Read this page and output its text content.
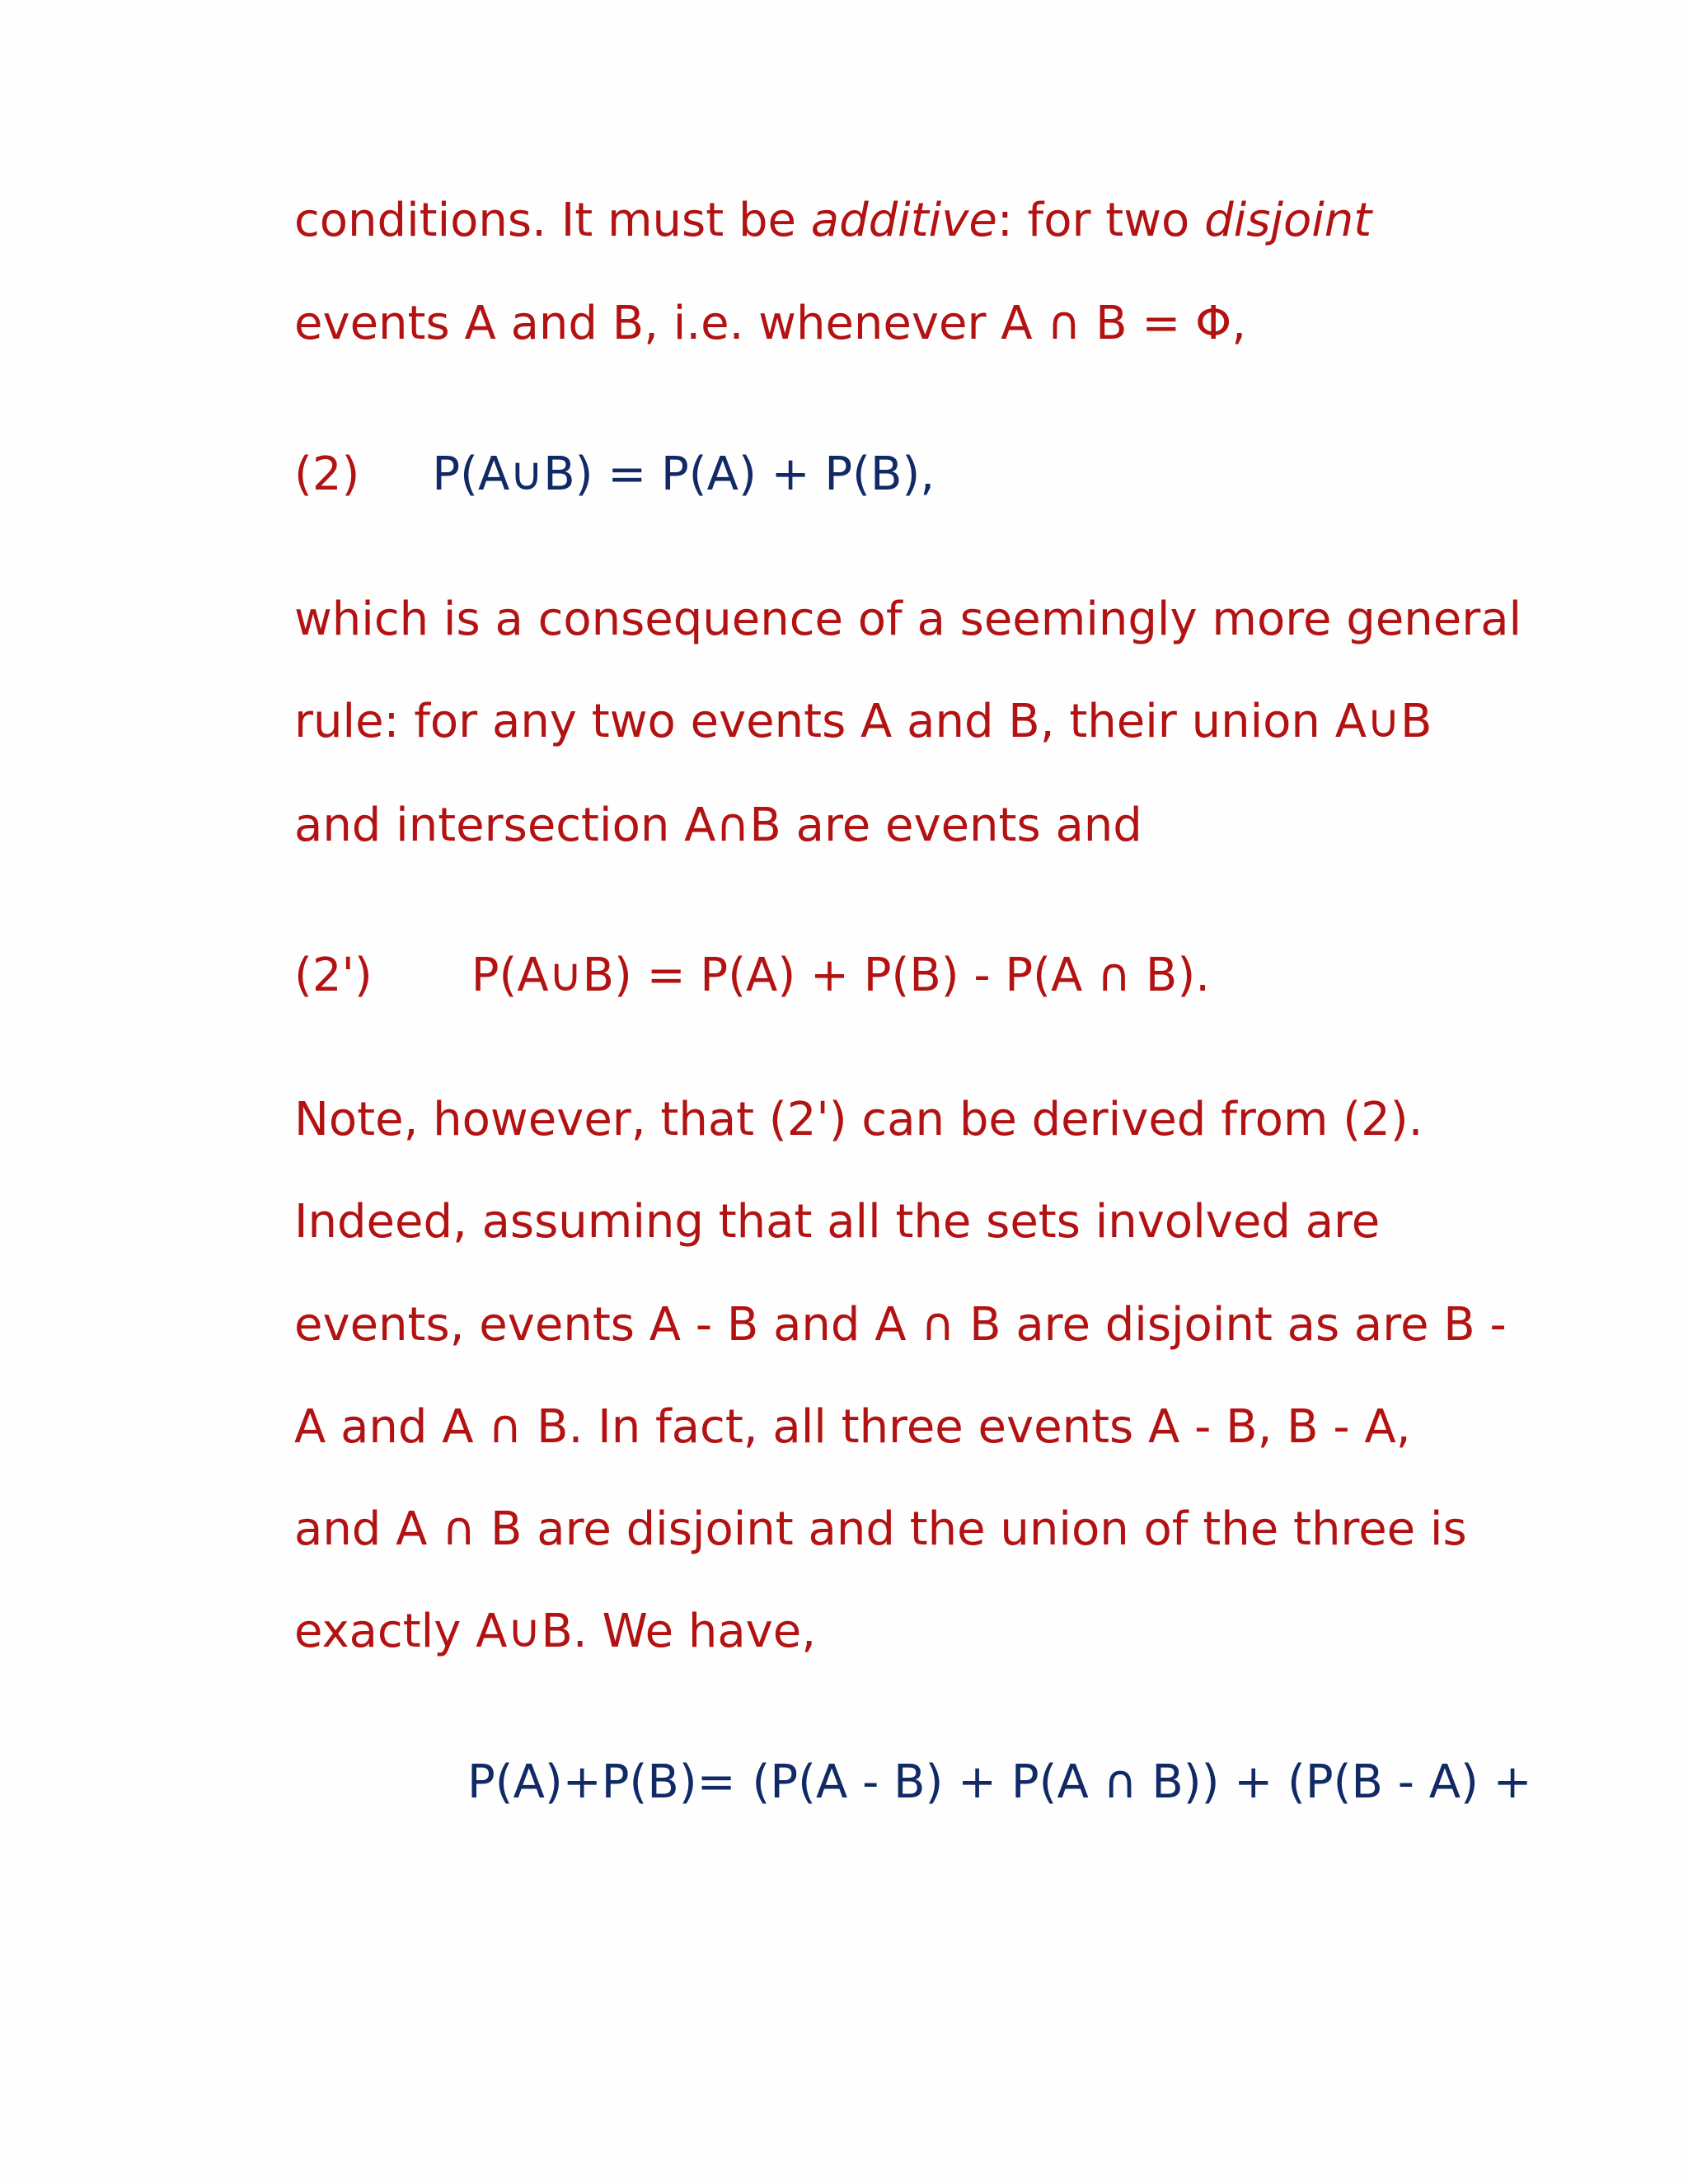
conditions. It must be additive: for two disjoint
events A and B, i.e. whenever A ∩ B = Φ,
(2) P(A∪B) = P(A) + P(B),
which is a consequence of a seemingly more general
rule: for any two events A and B, their union A∪B
and intersection A∩B are events and
(2') P(A∪B) = P(A) + P(B) - P(A ∩ B).
Note, however, that (2') can be derived from (2).
Indeed, assuming that all the sets involved are
events, events A - B and A ∩ B are disjoint as are B -
A and A ∩ B. In fact, all three events A - B, B - A,
and A ∩ B are disjoint and the union of the three is
exactly A∪B. We have,
P(A)+P(B)= (P(A - B) + P(A ∩ B)) + (P(B - A) +
